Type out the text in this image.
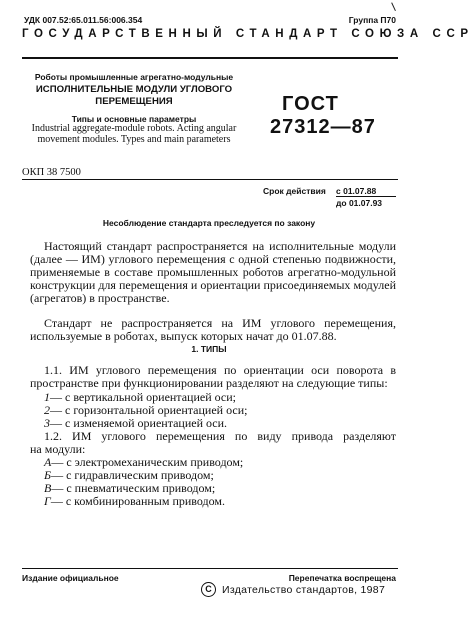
УДК 007.52:65.011.56:006.354	Группа П70
ГОСУДАРСТВЕННЫЙ СТАНДАРТ СОЮЗА ССР
Роботы промышленные агрегатно-модульные
ИСПОЛНИТЕЛЬНЫЕ МОДУЛИ УГЛОВОГО ПЕРЕМЕЩЕНИЯ
Типы и основные параметры
Industrial aggregate-module robots. Acting angular movement modules. Types and main parameters
ГОСТ
27312—87
ОКП 38 7500
Срок действия с 01.07.88
до 01.07.93
Несоблюдение стандарта преследуется по закону

Настоящий стандарт распространяется на исполнительные модули (далее — ИМ) углового перемещения с одной степенью подвижности, применяемые в составе промышленных роботов агрегатно-модульной конструкции для перемещения и ориентации присоединяемых модулей (агрегатов) в пространстве.

Стандарт не распространяется на ИМ углового перемещения, используемые в роботах, выпуск которых начат до 01.07.88.

1. ТИПЫ

1.1. ИМ углового перемещения по ориентации оси поворота в пространстве при функционировании разделяют на следующие типы:

1— с вертикальной ориентацией оси;
2— с горизонтальной ориентацией оси;
3— с изменяемой ориентацией оси.
1.2. ИМ углового перемещения по виду привода разделяют
на модули:
А— с электромеханическим приводом;
Б— с гидравлическим приводом;
В— с пневматическим приводом;
Г— с комбинированным приводом.
Издание официальное	Перепечатка воспрещена
С Издательство стандартов, 1987
